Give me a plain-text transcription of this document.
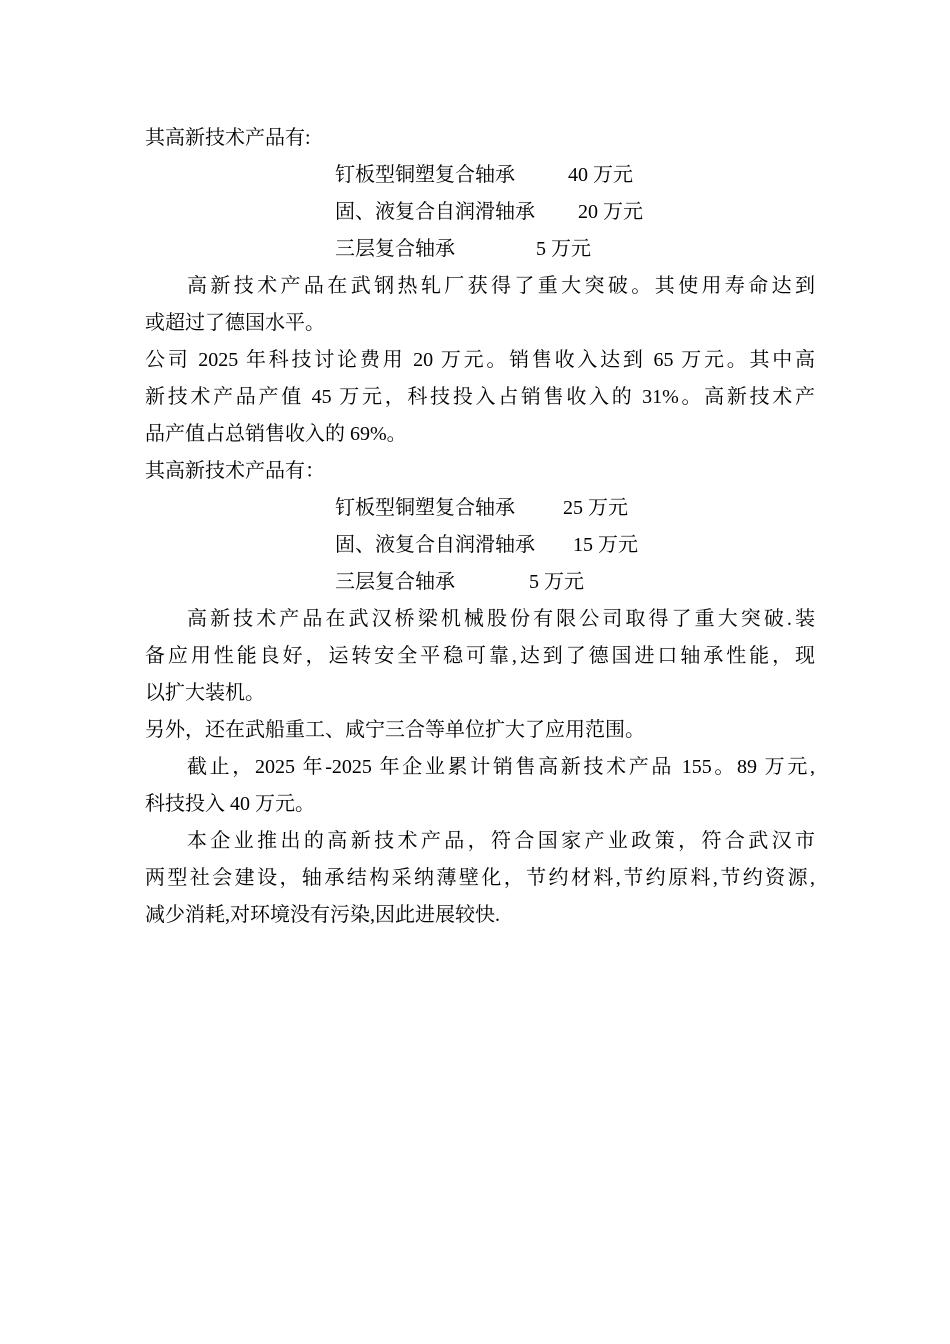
其高新技术产品有:

钉板型铜塑复合轴承	40 万元

固、液复合自润滑轴承 20 万元

三层复合轴承	5 万元

高新技术产品在武钢热轧厂获得了重大突破。其使用寿命达到
或超过了德国水平。

公司 2025 年科技讨论费用 20 万元。销售收入达到 65 万元。其中高
新技术产品产值 45 万元，科技投入占销售收入的 31%。高新技术产
品产值占总销售收入的 69%。

其高新技术产品有：

钉板型铜塑复合轴承 25 万元

固、液复合自润滑轴承 15 万元

三层复合轴承	5 万元

高新技术产品在武汉桥梁机械股份有限公司取得了重大突破.装
备应用性能良好，运转安全平稳可靠,达到了德国进口轴承性能，现
以扩大装机。

另外，还在武船重工、咸宁三合等单位扩大了应用范围。

截止，2025 年-2025 年企业累计销售高新技术产品 155。89 万元,
科技投入 40 万元。

本企业推出的高新技术产品，符合国家产业政策，符合武汉市
两型社会建设，轴承结构采纳薄壁化，节约材料,节约原料,节约资源,
减少消耗,对环境没有污染,因此进展较快.
